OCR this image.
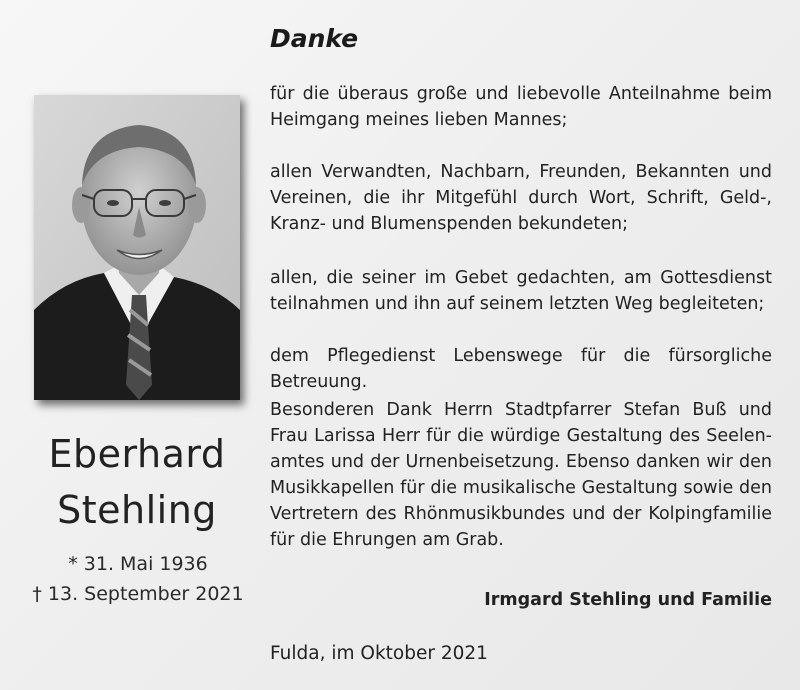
Eberhard
Stehling
* 31. Mai 1936
† 13. September 2021
Danke
für die überaus große und liebevolle Anteilnahme beim Heimgang meines lieben Mannes;
allen Verwandten, Nachbarn, Freunden, Bekannten und Vereinen, die ihr Mitgefühl durch Wort, Schrift, Geld-, Kranz- und Blumenspenden bekundeten;
allen, die seiner im Gebet gedachten, am Gottesdienst teilnahmen und ihn auf seinem letzten Weg begleiteten;
dem Pflegedienst Lebenswege für die fürsorgliche Betreuung.
Besonderen Dank Herrn Stadtpfarrer Stefan Buß und Frau Larissa Herr für die würdige Gestaltung des Seelenamtes und der Urnenbeisetzung. Ebenso danken wir den Musikkapellen für die musikalische Gestaltung sowie den Vertretern des Rhönmusikbundes und der Kolpingfamilie für die Ehrungen am Grab.
Irmgard Stehling und Familie
Fulda, im Oktober 2021
